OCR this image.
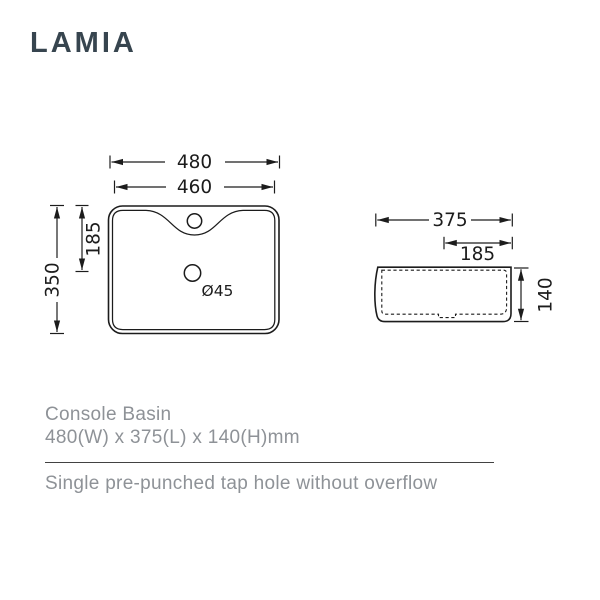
LAMIA
Ø45
480
460
350
185
375
185
140
Console Basin
480(W) x 375(L) x 140(H)mm
Single pre-punched tap hole without overflow
